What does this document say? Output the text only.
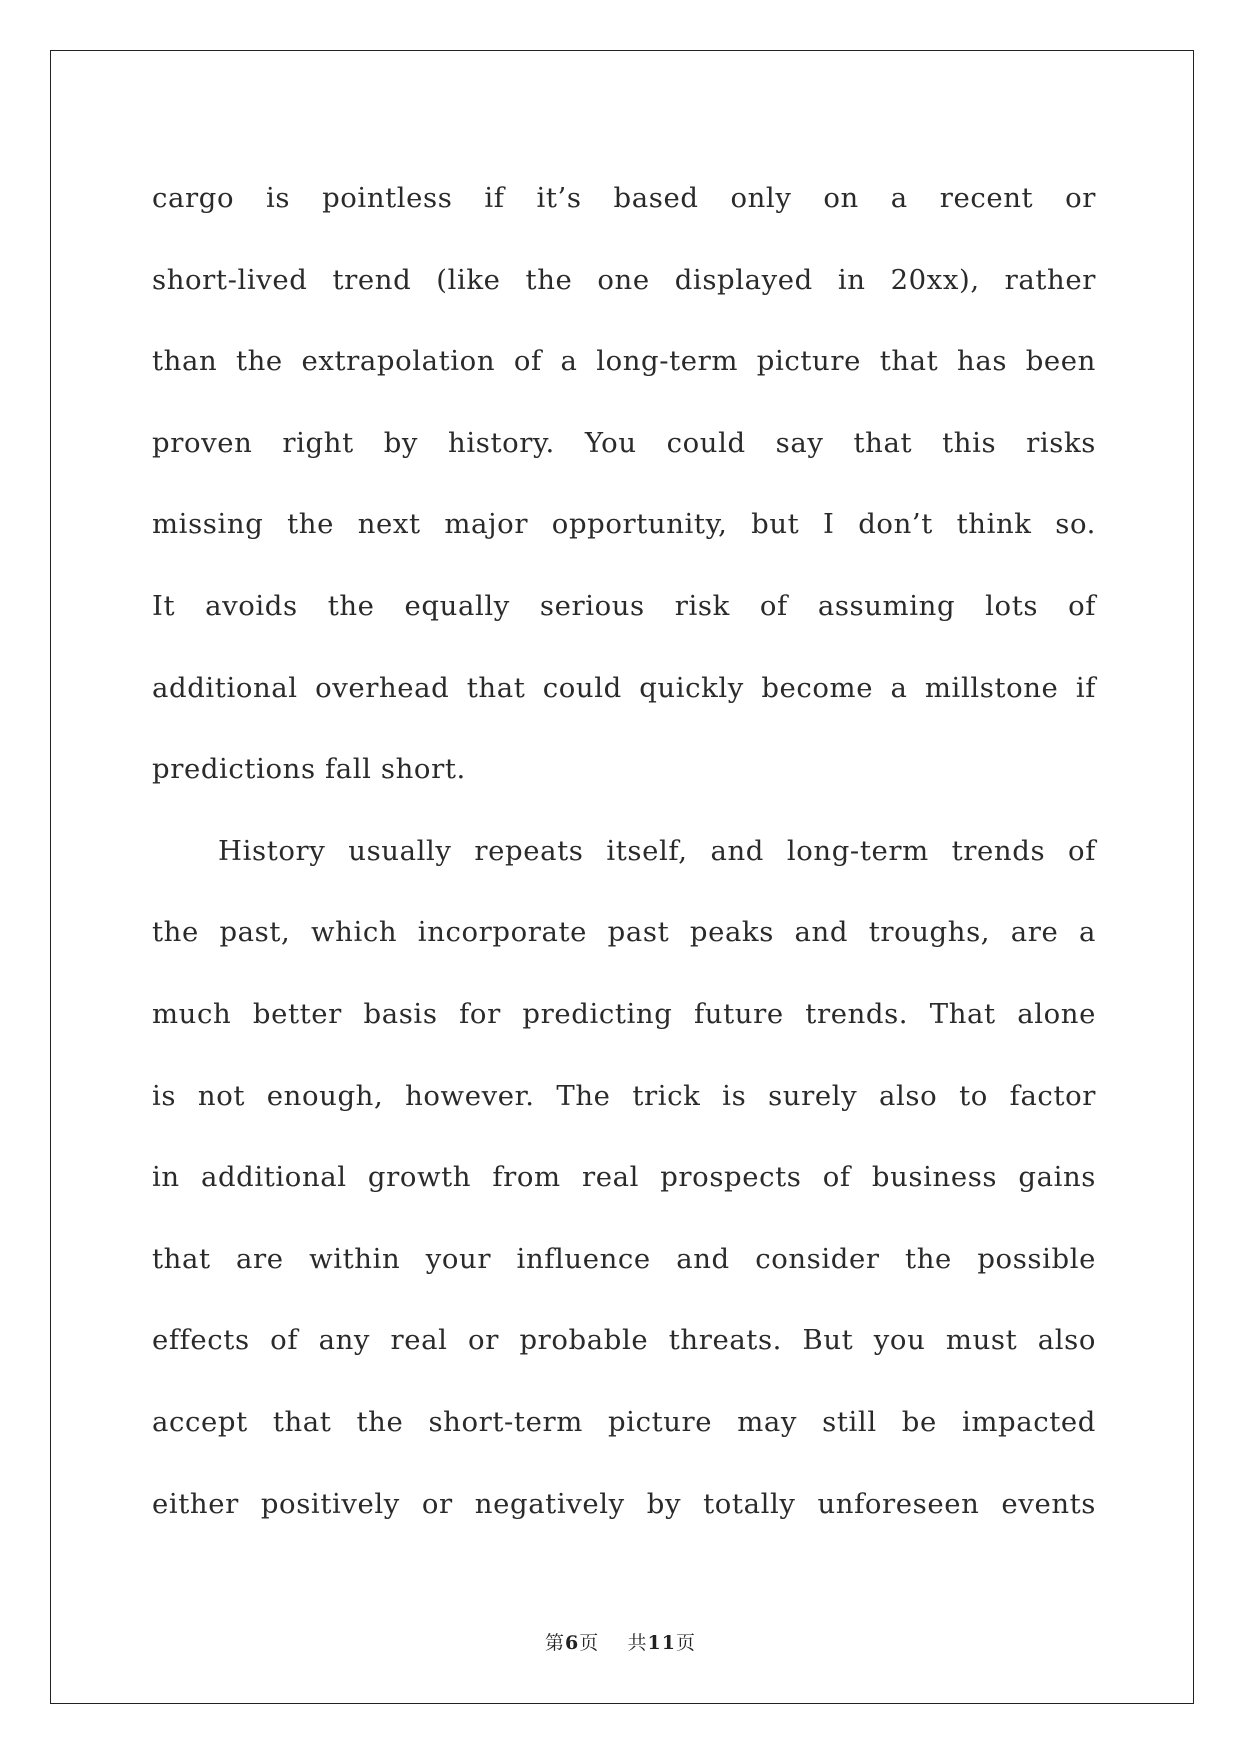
cargo is pointless if it’s based only on a recent or
short-lived trend (like the one displayed in 20xx), rather
than the extrapolation of a long-term picture that has been
proven right by history. You could say that this risks
missing the next major opportunity, but I don’t think so.
It avoids the equally serious risk of assuming lots of
additional overhead that could quickly become a millstone if
predictions fall short.
History usually repeats itself, and long-term trends of
the past, which incorporate past peaks and troughs, are a
much better basis for predicting future trends. That alone
is not enough, however. The trick is surely also to factor
in additional growth from real prospects of business gains
that are within your influence and consider the possible
effects of any real or probable threats. But you must also
accept that the short-term picture may still be impacted
either positively or negatively by totally unforeseen events
第6页 共11页
